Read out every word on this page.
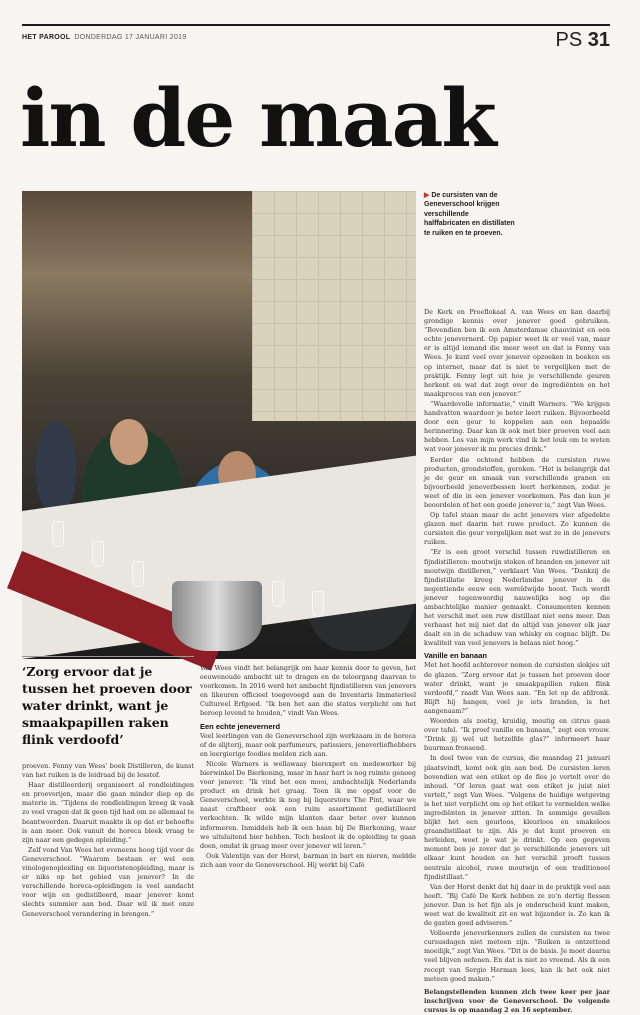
HET PAROOL DONDERDAG 17 JANUARI 2019	PS 31
in de maak
▶ De cursisten van de Geneverschool krijgen verschillende halffabricaten en distillaten te ruiken en te proeven.
‘Zorg ervoor dat je tussen het proeven door water drinkt, want je smaakpapillen raken flink verdoofd’

proeven. Fenny van Wees’ boek Distilleren, de kunst van het ruiken is de leidraad bij de lesstof.

Haar distilleerderij organiseert al rondleidingen en proeverijen, maar die gaan minder diep op de materie in. “Tijdens de rondleidingen kreeg ik vaak zo veel vragen dat ik geen tijd had om ze allemaal te beantwoorden. Daaruit maakte ik op dat er behoefte is aan meer. Ook vanuit de horeca bleek vraag te zijn naar een gedegen opleiding.”

Zelf vond Van Wees het eveneens hoog tijd voor de Geneverschool. “Waarom bestaan er wel een vinologenopleiding en liquoristenopleiding, maar is er niks op het gebied van jenever? In de verschillende horeca-opleidingen is veel aandacht voor wijn en gedistilleerd, maar jenever komt slechts summier aan bod. Daar wil ik met onze Geneverschool verandering in brengen.”

Van Wees vindt het belangrijk om haar kennis door te geven, het eeuwenoude ambacht uit te dragen en de teloorgang daarvan te voorkomen. In 2016 werd het ambacht fijndistilleren van jenevers en likeuren officieel toegevoegd aan de Inventaris Immaterieel Cultureel Erfgoed. “Ik ben het aan die status verplicht om het beroep levend te houden,” vindt Van Wees.

Een echte jenevernerd

Veel leerlingen van de Geneverschool zijn werkzaam in de horeca of de slijterij, maar ook parfumeurs, patissiers, jeneverliefhebbers en leergierige foodies melden zich aan.

Nicole Warners is wellawaay bierexpert en medewerker bij bierwinkel De Bierkoning, maar in haar hart is nog ruimte genoeg voor jenever. “Ik vind het een mooi, ambachtelijk Nederlands product en drink het graag. Toen ik me opgaf voor de Geneverschool, werkte ik nog bij liquorstore The Pint, waar we naast craftbeer ook een ruim assortiment gedistilleerd verkochten. Ik wilde mijn klanten daar beter over kunnen informeren. Inmiddels heb ik een baan bij De Bierkoning, waar we uitsluitend bier hebben. Toch besloot ik de opleiding te gaan doen, omdat ik graag meer over jenever wil leren.”

Ook Valentijn van der Horst, barman in bart en nieren, meldde zich aan voor de Geneverschool. Hij werkt bij Café

De Kerk en Proeflokaal A. van Wees en kan daarbij grondige kennis over jenever goed gebruiken. “Bovendien ben ik een Amsterdamse chauvinist en een echte jenevernerd. Op papier weet ik er veel van, maar er is altijd iemand die meer weet en dat is Fenny van Wees. Je kunt veel over jenever opzoeken in boeken en op internet, maar dat is niet te vergelijken met de praktijk. Fenny legt uit hoe je verschillende geuren herkent en wat dat zegt over de ingrediënten en het maakproces van een jenever.”

“Waardevolle informatie,” vindt Warners. “We krijgen handvatten waardoor je beter leert ruiken. Bijvoorbeeld door een geur te koppelen aan een bepaalde herinnering. Daar kan ik ook met bier proeven veel aan hebben. Los van mijn werk vind ik het leuk om te weten wat voor jenever ik nu precies drink.”

Eerder die ochtend hebben de cursisten ruwe producten, grondstoffen, geroken. “Het is belangrijk dat je de geur en smaak van verschillende granen en bijvoorbeeld jeneverbessen leert herkennen, zodat je weet of die in een jenever voorkomen. Pas dan kun je beoordelen of het een goede jenever is,” zegt Van Wees.

Op tafel staan maar de acht jenevers vier afgedekte glazen met daarin het ruwe product. Zo kunnen de cursisten die geur vergelijken met wat ze in de jenevers ruiken.

“Er is een groot verschil tussen ruwdistilleren en fijndistilleren: moutwijn stoken of branden en jenever uit moutwijn distilleren,” verklaart Van Wees. “Dankzij de fijndistillatie kreeg Nederlandse jenever in de negentiende eeuw een wereldwijde hoost. Toch wordt jenever tegenwoordig nauwelijks nog op die ambachtelijke manier gemaakt. Consumenten kennen het verschil met een ruw distillaat niet eens meer. Dan verbaast het mij niet dat de altijd van jenever elk jaar daalt en in de schaduw van whisky en cognac blijft. De kwaliteit van veel jenevers is helaas niet hoog.”

Vanille en banaan

Met het hoofd achterover nemen de cursisten slokjes uit de glazen. “Zorg ervoor dat je tussen het proeven door water drinkt, want je smaakpapillen raken flink verdoofd,” raadt Van Wees aan. “En let op de afdronk. Blijft hij hangen, voel je iets branden, is het aangenaam?”

Woorden als zoetig, kruidig, moutig en citrus gaan over tafel. “Ik proef vanille en banaan,” zegt een vrouw. “Drink jij wel uit hetzelfde glas?” informeert haar buurman fronsend.

In deel twee van de cursus, die maandag 21 januari plaatsvindt, komt ook gin aan bod. De cursisten leren bovendien wat een etiket op de fles je vertelt over de inhoud. “Of leren gaat wat een etiket je juist niet vertelt,” zegt Van Wees. “Volgens de huidige wetgeving is het niet verplicht om op het etiket te vermelden welke ingrediënten in jenever zitten. In sommige gevallen blijkt het een geurloos, kleurloos en smakeloos graandistillaat te zijn. Als je dat kunt proeven en herleiden, weet je wat je drinkt. Op een gegeven moment ben je zover dat je verschillende jenevers uit elkaar kunt houden en het verschil proeft tussen neutrale alcohol, ruwe moutwijn of een traditioneel fijndistillaat.”

Van der Horst denkt dat hij daar in de praktijk veel aan heeft. “Bij Café De Kerk hebben ze zo’n dertig flessen jenever. Dan is het fijn als je onderscheid kunt maken, weet wat de kwaliteit zit en wat bijzonder is. Zo kan ik de gasten goed adviseren.”

Volleerde jeneverkenners zullen de cursisten na twee cursusdagen niet meteen zijn. “Ruiken is ontzettend moeilijk,” zegt Van Wees. “Dit is de basis. Je moet daarna veel blijven oefenen. En dat is niet zo vreemd. Als ik een recept van Sergio Herman lees, kan ik het ook niet meteen goed maken.”

Belangstellenden kunnen zich twee keer per jaar inschrijven voor de Geneverschool. De volgende cursus is op maandag 2 en 16 september.
